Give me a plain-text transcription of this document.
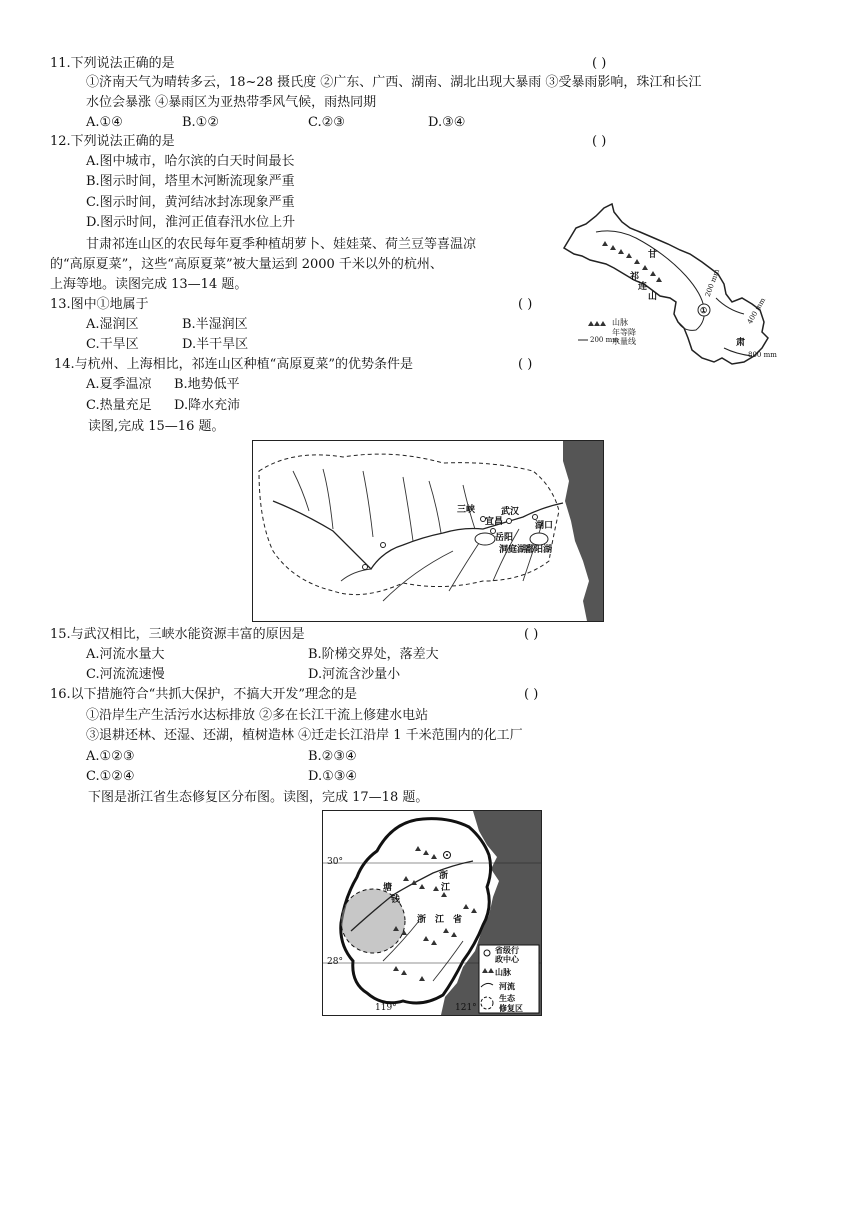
11.下列说法正确的是	( )
①济南天气为晴转多云，18~28 摄氏度 ②广东、广西、湖南、湖北出现大暴雨 ③受暴雨影响，珠江和长江
水位会暴涨 ④暴雨区为亚热带季风气候，雨热同期
A.①④	B.①②	C.②③	D.③④
12.下列说法正确的是	( )
A.图中城市，哈尔滨的白天时间最长
B.图示时间，塔里木河断流现象严重
C.图示时间，黄河结冰封冻现象严重
D.图示时间，淮河正值春汛水位上升
甘肃祁连山区的农民每年夏季种植胡萝卜、娃娃菜、荷兰豆等喜温凉
的“高原夏菜”，这些“高原夏菜”被大量运到 2000 千米以外的杭州、
上海等地。读图完成 13—14 题。
13.图中①地属于	( )
A.湿润区	B.半湿润区
C.干旱区	D.半干旱区
14.与杭州、上海相比，祁连山区种植“高原夏菜”的优势条件是	( )
A.夏季温凉 B.地势低平
C.热量充足 D.降水充沛
读图,完成 15—16 题。
甘
肃
祁
连
山
①
200 mm
400 mm
800 mm
山脉
年等降
水量线
200 mm
三峡
宜昌
武汉
湖口
岳阳
洞庭湖
鄱阳湖
15.与武汉相比，三峡水能资源丰富的原因是	( )
A.河流水量大	B.阶梯交界处，落差大
C.河流流速慢	D.河流含沙量小
16.以下措施符合“共抓大保护，不搞大开发”理念的是	( )
①沿岸生产生活污水达标排放 ②多在长江干流上修建水电站
③退耕还林、还湿、还湖，植树造林 ④迁走长江沿岸 1 千米范围内的化工厂
A.①②③	B.②③④
C.①②④	D.①③④
下图是浙江省生态修复区分布图。读图，完成 17—18 题。
30°
28°
119°	121°
浙
江
塘
钱
浙 江 省
省级行
政中心
山脉
河流
生态
修复区
